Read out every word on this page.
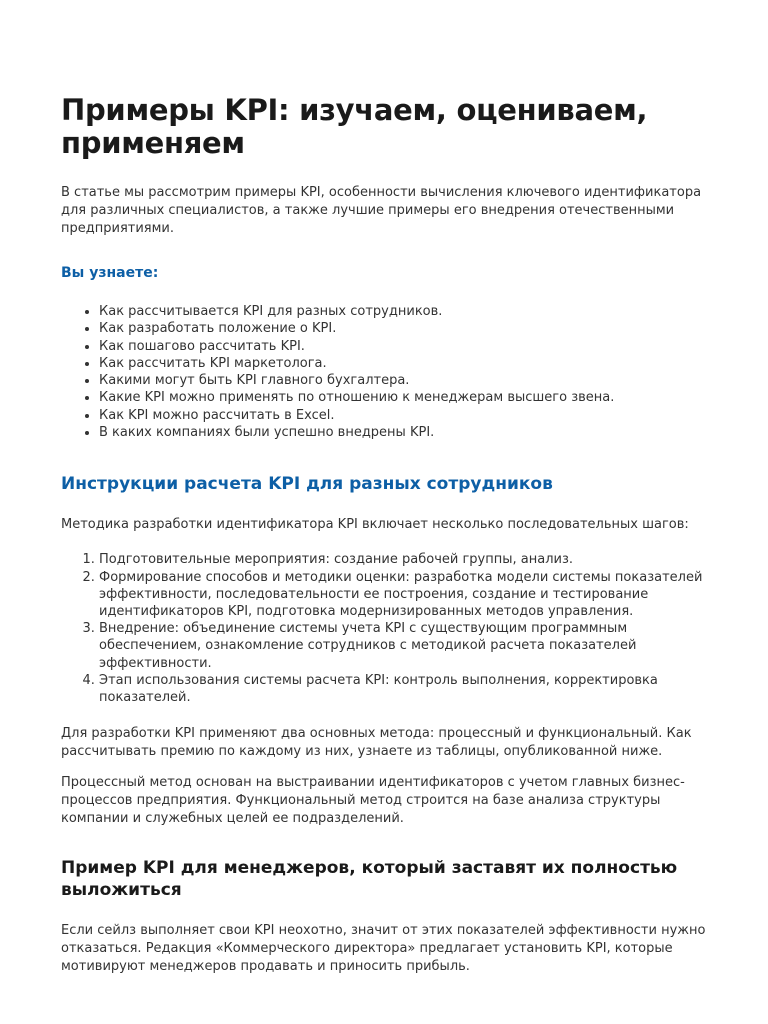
Примеры KPI: изучаем, оцениваем, применяем

В статье мы рассмотрим примеры KPI, особенности вычисления ключевого идентификатора для различных специалистов, а также лучшие примеры его внедрения отечественными предприятиями.

Вы узнаете:
• Как рассчитывается KPI для разных сотрудников.
• Как разработать положение о KPI.
• Как пошагово рассчитать KPI.
• Как рассчитать KPI маркетолога.
• Какими могут быть KPI главного бухгалтера.
• Какие KPI можно применять по отношению к менеджерам высшего звена.
• Как KPI можно рассчитать в Excel.
• В каких компаниях были успешно внедрены KPI.
Инструкции расчета KPI для разных сотрудников

Методика разработки идентификатора KPI включает несколько последовательных шагов:

1. Подготовительные мероприятия: создание рабочей группы, анализ.
2. Формирование способов и методики оценки: разработка модели системы показателей эффективности, последовательности ее построения, создание и тестирование идентификаторов KPI, подготовка модернизированных методов управления.
3. Внедрение: объединение системы учета KPI с существующим программным обеспечением, ознакомление сотрудников с методикой расчета показателей эффективности.
4. Этап использования системы расчета KPI: контроль выполнения, корректировка показателей.

Для разработки KPI применяют два основных метода: процессный и функциональный. Как рассчитывать премию по каждому из них, узнаете из таблицы, опубликованной ниже.

Процессный метод основан на выстраивании идентификаторов с учетом главных бизнес-процессов предприятия. Функциональный метод строится на базе анализа структуры компании и служебных целей ее подразделений.

Пример KPI для менеджеров, который заставят их полностью выложиться

Если сейлз выполняет свои KPI неохотно, значит от этих показателей эффективности нужно отказаться. Редакция «Коммерческого директора» предлагает установить KPI, которые мотивируют менеджеров продавать и приносить прибыль.
